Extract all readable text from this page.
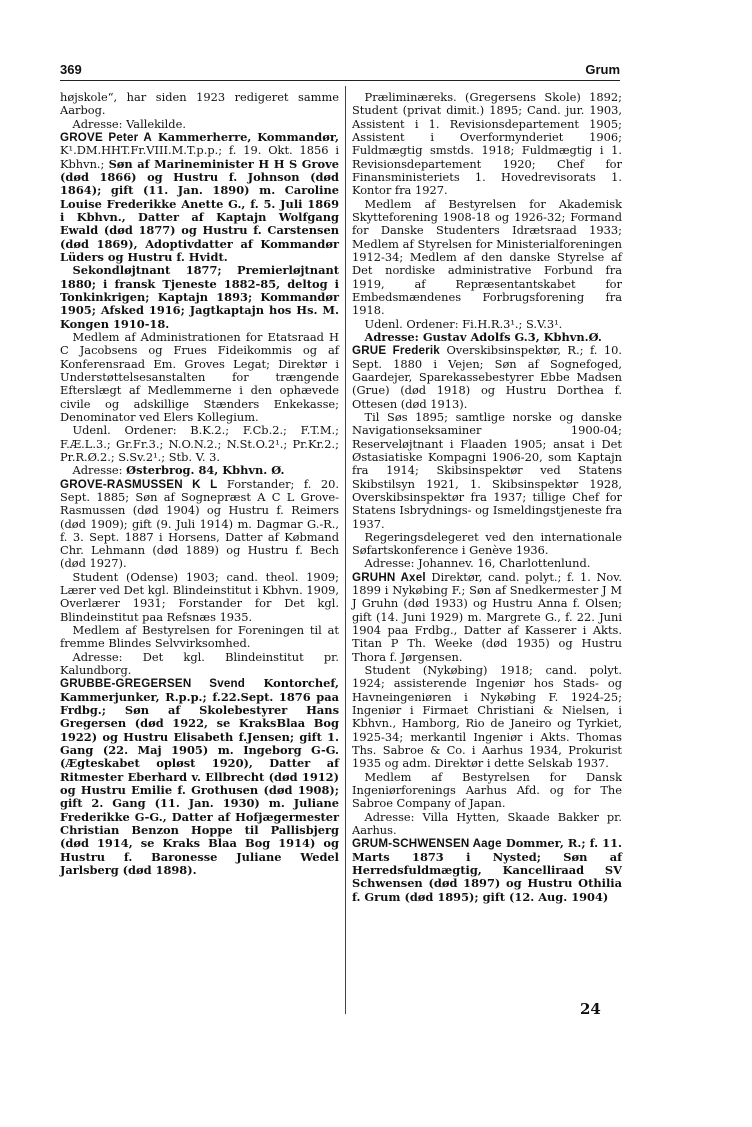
369	Grum

højskole“, har siden 1923 redigeret samme Aarbog.

Adresse: Vallekilde.

GROVE Peter A Kammerherre, Kommandør, K¹.DM.HHT.Fr.VIII.M.T.p.p.; f. 19. Okt. 1856 i Kbhvn.; Søn af Marineminister H H S Grove (død 1866) og Hustru f. Johnson (død 1864); gift (11. Jan. 1890) m. Caroline Louise Frederikke Anette G., f. 5. Juli 1869 i Kbhvn., Datter af Kaptajn Wolfgang Ewald (død 1877) og Hustru f. Carstensen (død 1869), Adoptivdatter af Kommandør Lüders og Hustru f. Hvidt.

Sekondløjtnant 1877; Premierløjtnant 1880; i fransk Tjeneste 1882-85, deltog i Tonkinkrigen; Kaptajn 1893; Kommandør 1905; Afsked 1916; Jagtkaptajn hos Hs. M. Kongen 1910-18.

Medlem af Administrationen for Etatsraad H C Jacobsens og Frues Fideikommis og af Konferensraad Em. Groves Legat; Direktør i Understøttelsesanstalten for trængende Efterslægt af Medlemmerne i den ophævede civile og adskillige Stænders Enkekasse; Denominator ved Elers Kollegium.

Udenl. Ordener: B.K.2.; F.Cb.2.; F.T.M.; F.Æ.L.3.; Gr.Fr.3.; N.O.N.2.; N.St.O.2¹.; Pr.Kr.2.; Pr.R.Ø.2.; S.Sv.2¹.; Stb. V. 3.

Adresse: Østerbrog. 84, Kbhvn. Ø.

GROVE-RASMUSSEN K L Forstander; f. 20. Sept. 1885; Søn af Sognepræst A C L Grove-Rasmussen (død 1904) og Hustru f. Reimers (død 1909); gift (9. Juli 1914) m. Dagmar G.-R., f. 3. Sept. 1887 i Horsens, Datter af Købmand Chr. Lehmann (død 1889) og Hustru f. Bech (død 1927).

Student (Odense) 1903; cand. theol. 1909; Lærer ved Det kgl. Blindeinstitut i Kbhvn. 1909, Overlærer 1931; Forstander for Det kgl. Blindeinstitut paa Refsnæs 1935.

Medlem af Bestyrelsen for Foreningen til at fremme Blindes Selvvirksomhed.

Adresse: Det kgl. Blindeinstitut pr. Kalundborg.

GRUBBE-GREGERSEN Svend Kontorchef, Kammerjunker, R.p.p.; f.22.Sept. 1876 paa Frdbg.; Søn af Skolebestyrer Hans Gregersen (død 1922, se KraksBlaa Bog 1922) og Hustru Elisabeth f.Jensen; gift 1. Gang (22. Maj 1905) m. Ingeborg G-G. (Ægteskabet opløst 1920), Datter af Ritmester Eberhard v. Ellbrecht (død 1912) og Hustru Emilie f. Grothusen (død 1908); gift 2. Gang (11. Jan. 1930) m. Juliane Frederikke G-G., Datter af Hofjægermester Christian Benzon Hoppe til Pallisbjerg (død 1914, se Kraks Blaa Bog 1914) og Hustru f. Baronesse Juliane Wedel Jarlsberg (død 1898).

Præliminæreks. (Gregersens Skole) 1892; Student (privat dimit.) 1895; Cand. jur. 1903, Assistent i 1. Revisionsdepartement 1905; Assistent i Overformynderiet 1906; Fuldmægtig smstds. 1918; Fuldmægtig i 1. Revisionsdepartement 1920; Chef for Finansministeriets 1. Hovedrevisorats 1. Kontor fra 1927.

Medlem af Bestyrelsen for Akademisk Skytteforening 1908-18 og 1926-32; Formand for Danske Studenters Idrætsraad 1933; Medlem af Styrelsen for Ministerialforeningen 1912-34; Medlem af den danske Styrelse af Det nordiske administrative Forbund fra 1919, af Repræsentantskabet for Embedsmændenes Forbrugsforening fra 1918.

Udenl. Ordener: Fi.H.R.3¹.; S.V.3¹.

Adresse: Gustav Adolfs G.3, Kbhvn.Ø.

GRUE Frederik Overskibsinspektør, R.; f. 10. Sept. 1880 i Vejen; Søn af Sognefoged, Gaardejer, Sparekassebestyrer Ebbe Madsen (Grue) (død 1918) og Hustru Dorthea f. Ottesen (død 1913).

Til Søs 1895; samtlige norske og danske Navigationseksaminer 1900-04; Reserveløjtnant i Flaaden 1905; ansat i Det Østasiatiske Kompagni 1906-20, som Kaptajn fra 1914; Skibsinspektør ved Statens Skibstilsyn 1921, 1. Skibsinspektør 1928, Overskibsinspektør fra 1937; tillige Chef for Statens Isbrydnings- og Ismeldingstjeneste fra 1937.

Regeringsdelegeret ved den internationale Søfartskonference i Genève 1936.

Adresse: Johannev. 16, Charlottenlund.

GRUHN Axel Direktør, cand. polyt.; f. 1. Nov. 1899 i Nykøbing F.; Søn af Snedkermester J M J Gruhn (død 1933) og Hustru Anna f. Olsen; gift (14. Juni 1929) m. Margrete G., f. 22. Juni 1904 paa Frdbg., Datter af Kasserer i Akts. Titan P Th. Weeke (død 1935) og Hustru Thora f. Jørgensen.

Student (Nykøbing) 1918; cand. polyt. 1924; assisterende Ingeniør hos Stads- og Havneingeniøren i Nykøbing F. 1924-25; Ingeniør i Firmaet Christiani & Nielsen, i Kbhvn., Hamborg, Rio de Janeiro og Tyrkiet, 1925-34; merkantil Ingeniør i Akts. Thomas Ths. Sabroe & Co. i Aarhus 1934, Prokurist 1935 og adm. Direktør i dette Selskab 1937.

Medlem af Bestyrelsen for Dansk Ingeniørforenings Aarhus Afd. og for The Sabroe Company of Japan.

Adresse: Villa Hytten, Skaade Bakker pr. Aarhus.

GRUM-SCHWENSEN Aage Dommer, R.; f. 11. Marts 1873 i Nysted; Søn af Herredsfuldmægtig, Kancelliraad SV Schwensen (død 1897) og Hustru Othilia f. Grum (død 1895); gift (12. Aug. 1904)

24
